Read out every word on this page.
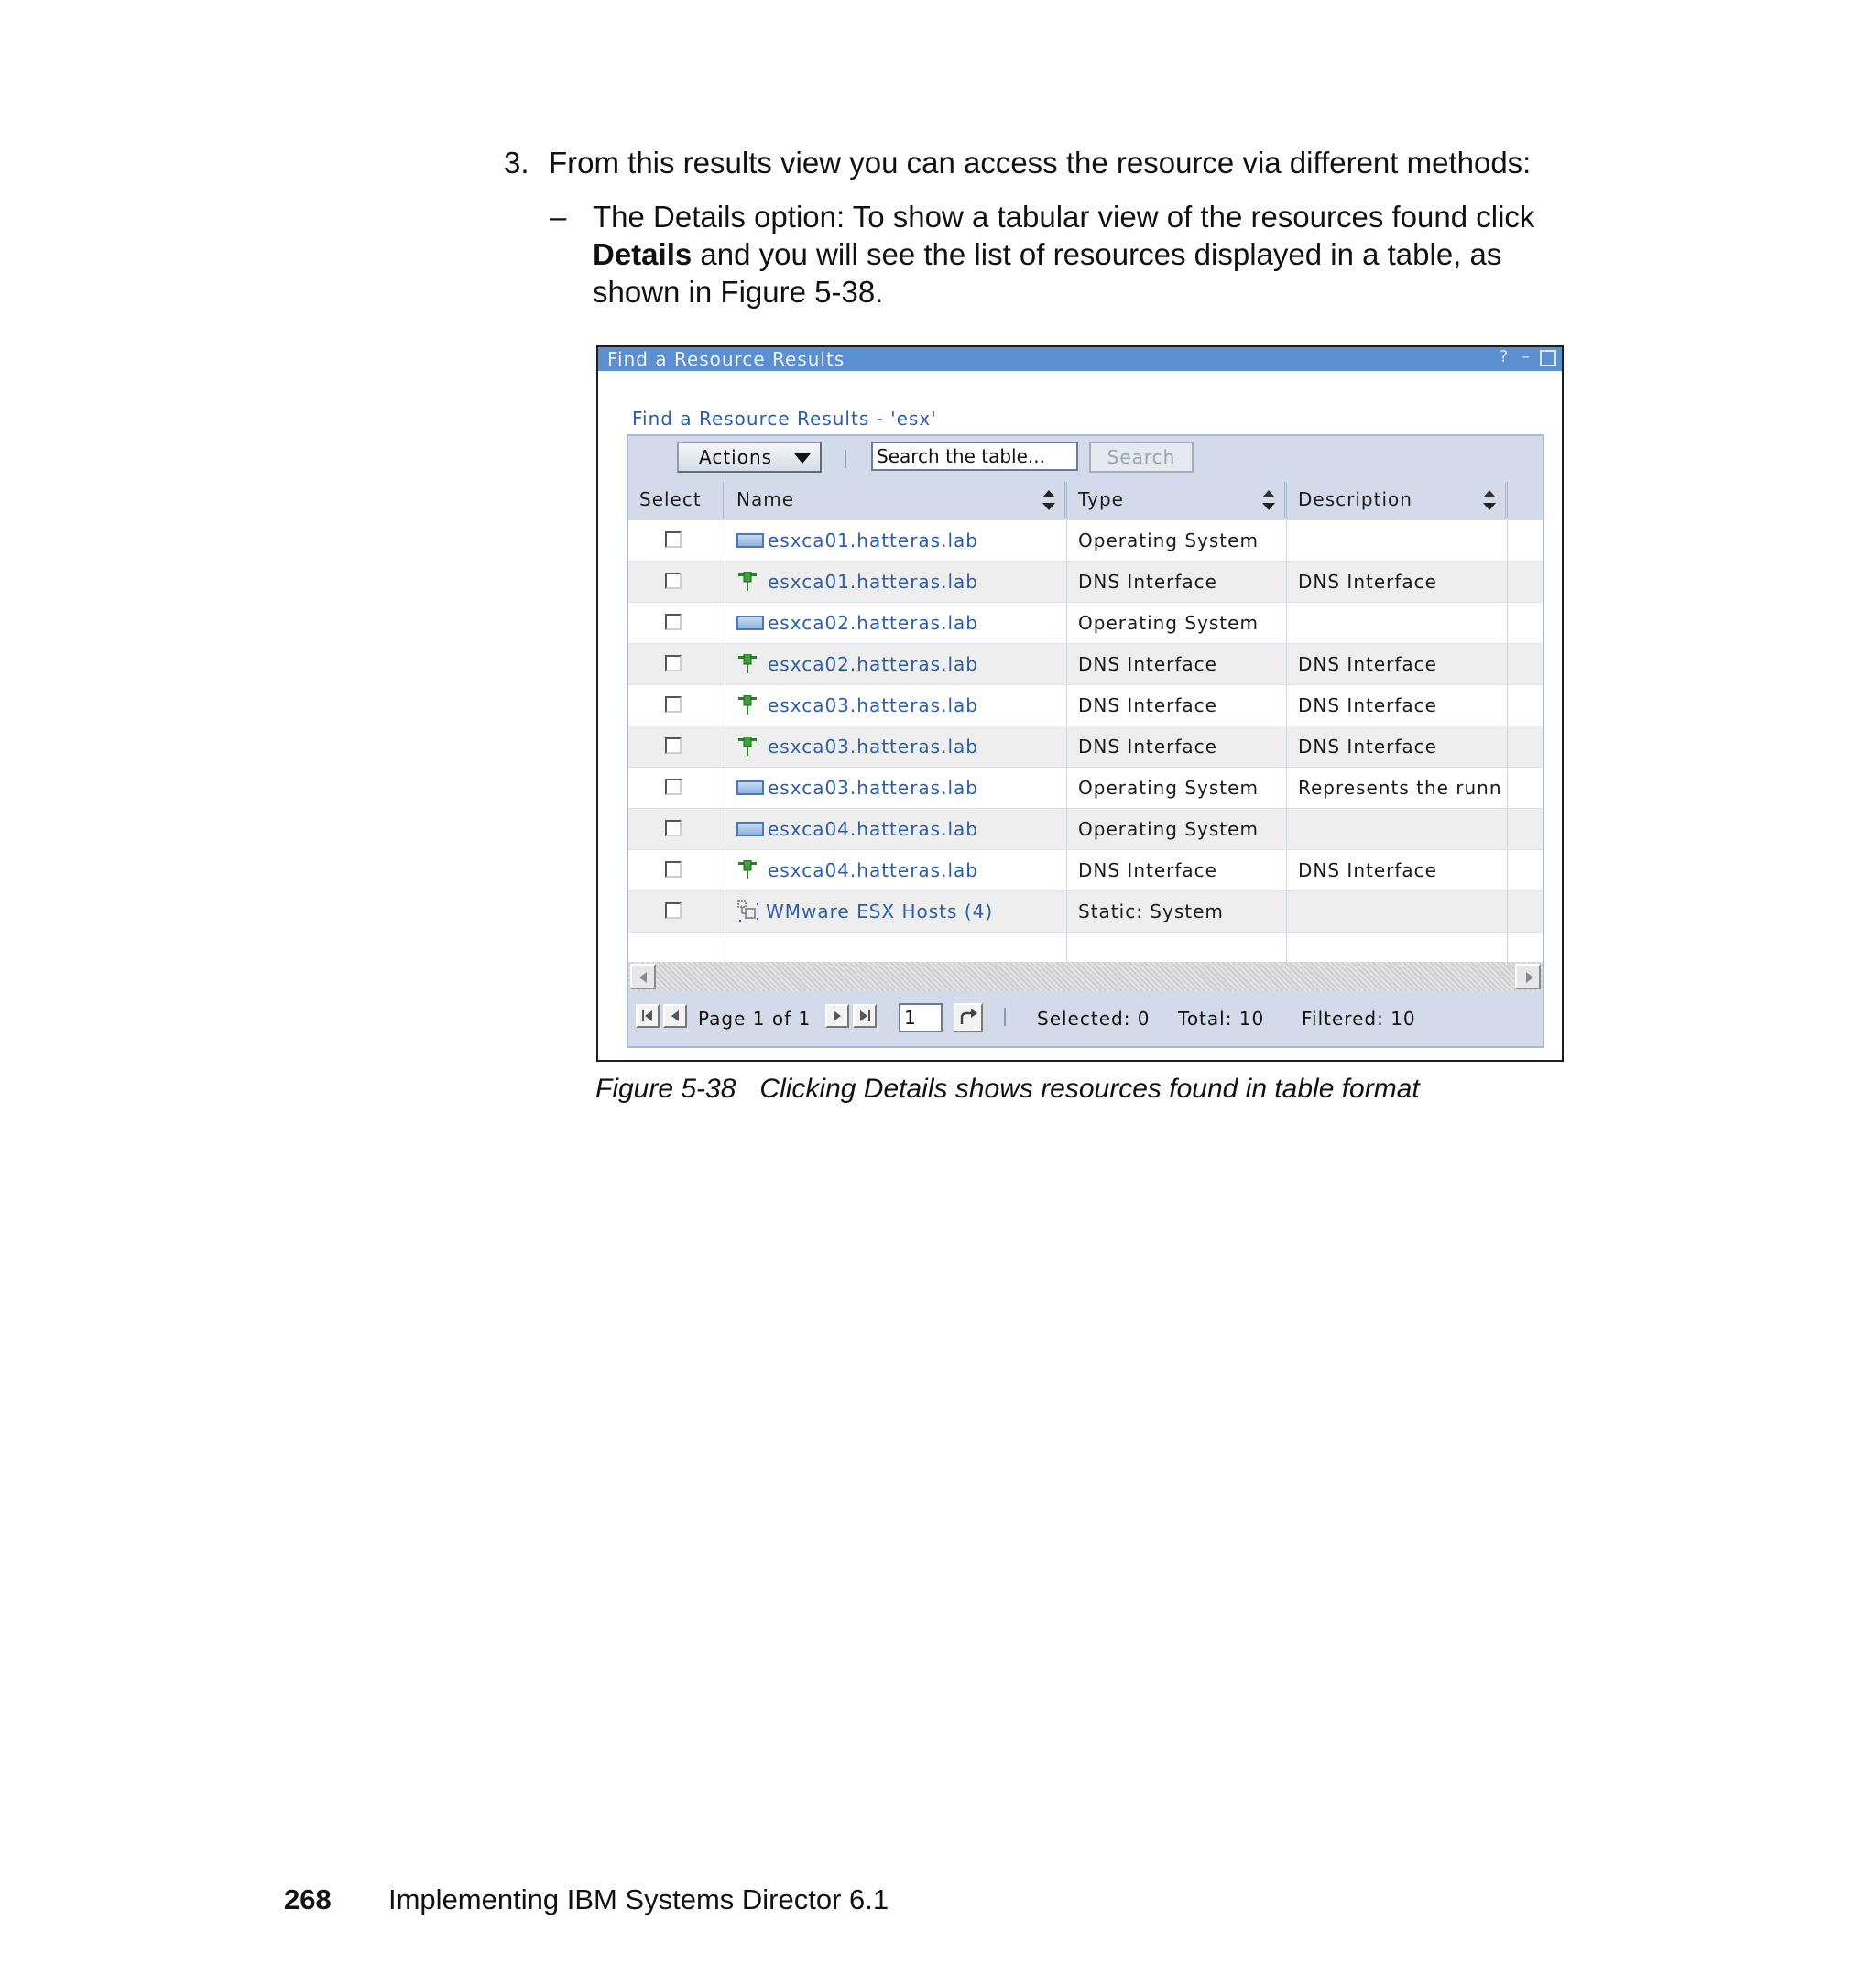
3. From this results view you can access the resource via different methods:
– The Details option: To show a tabular view of the resources found click Details and you will see the list of resources displayed in a table, as shown in Figure 5-38.
Find a Resource Results	? –
Find a Resource Results - 'esx'
Actions
Search the table...	Search
Select	Name	Type	Description
esxca01.hatteras.lab	Operating System
esxca01.hatteras.lab	DNS Interface	DNS Interface
esxca02.hatteras.lab	Operating System
esxca02.hatteras.lab	DNS Interface	DNS Interface
esxca03.hatteras.lab	DNS Interface	DNS Interface
esxca03.hatteras.lab	DNS Interface	DNS Interface
esxca03.hatteras.lab	Operating System	Represents the runn
esxca04.hatteras.lab	Operating System
esxca04.hatteras.lab	DNS Interface	DNS Interface
WMware ESX Hosts (4)	Static: System
Page 1 of 1	1	Selected: 0 Total: 10 Filtered: 10
Figure 5-38 Clicking Details shows resources found in table format
268 Implementing IBM Systems Director 6.1
